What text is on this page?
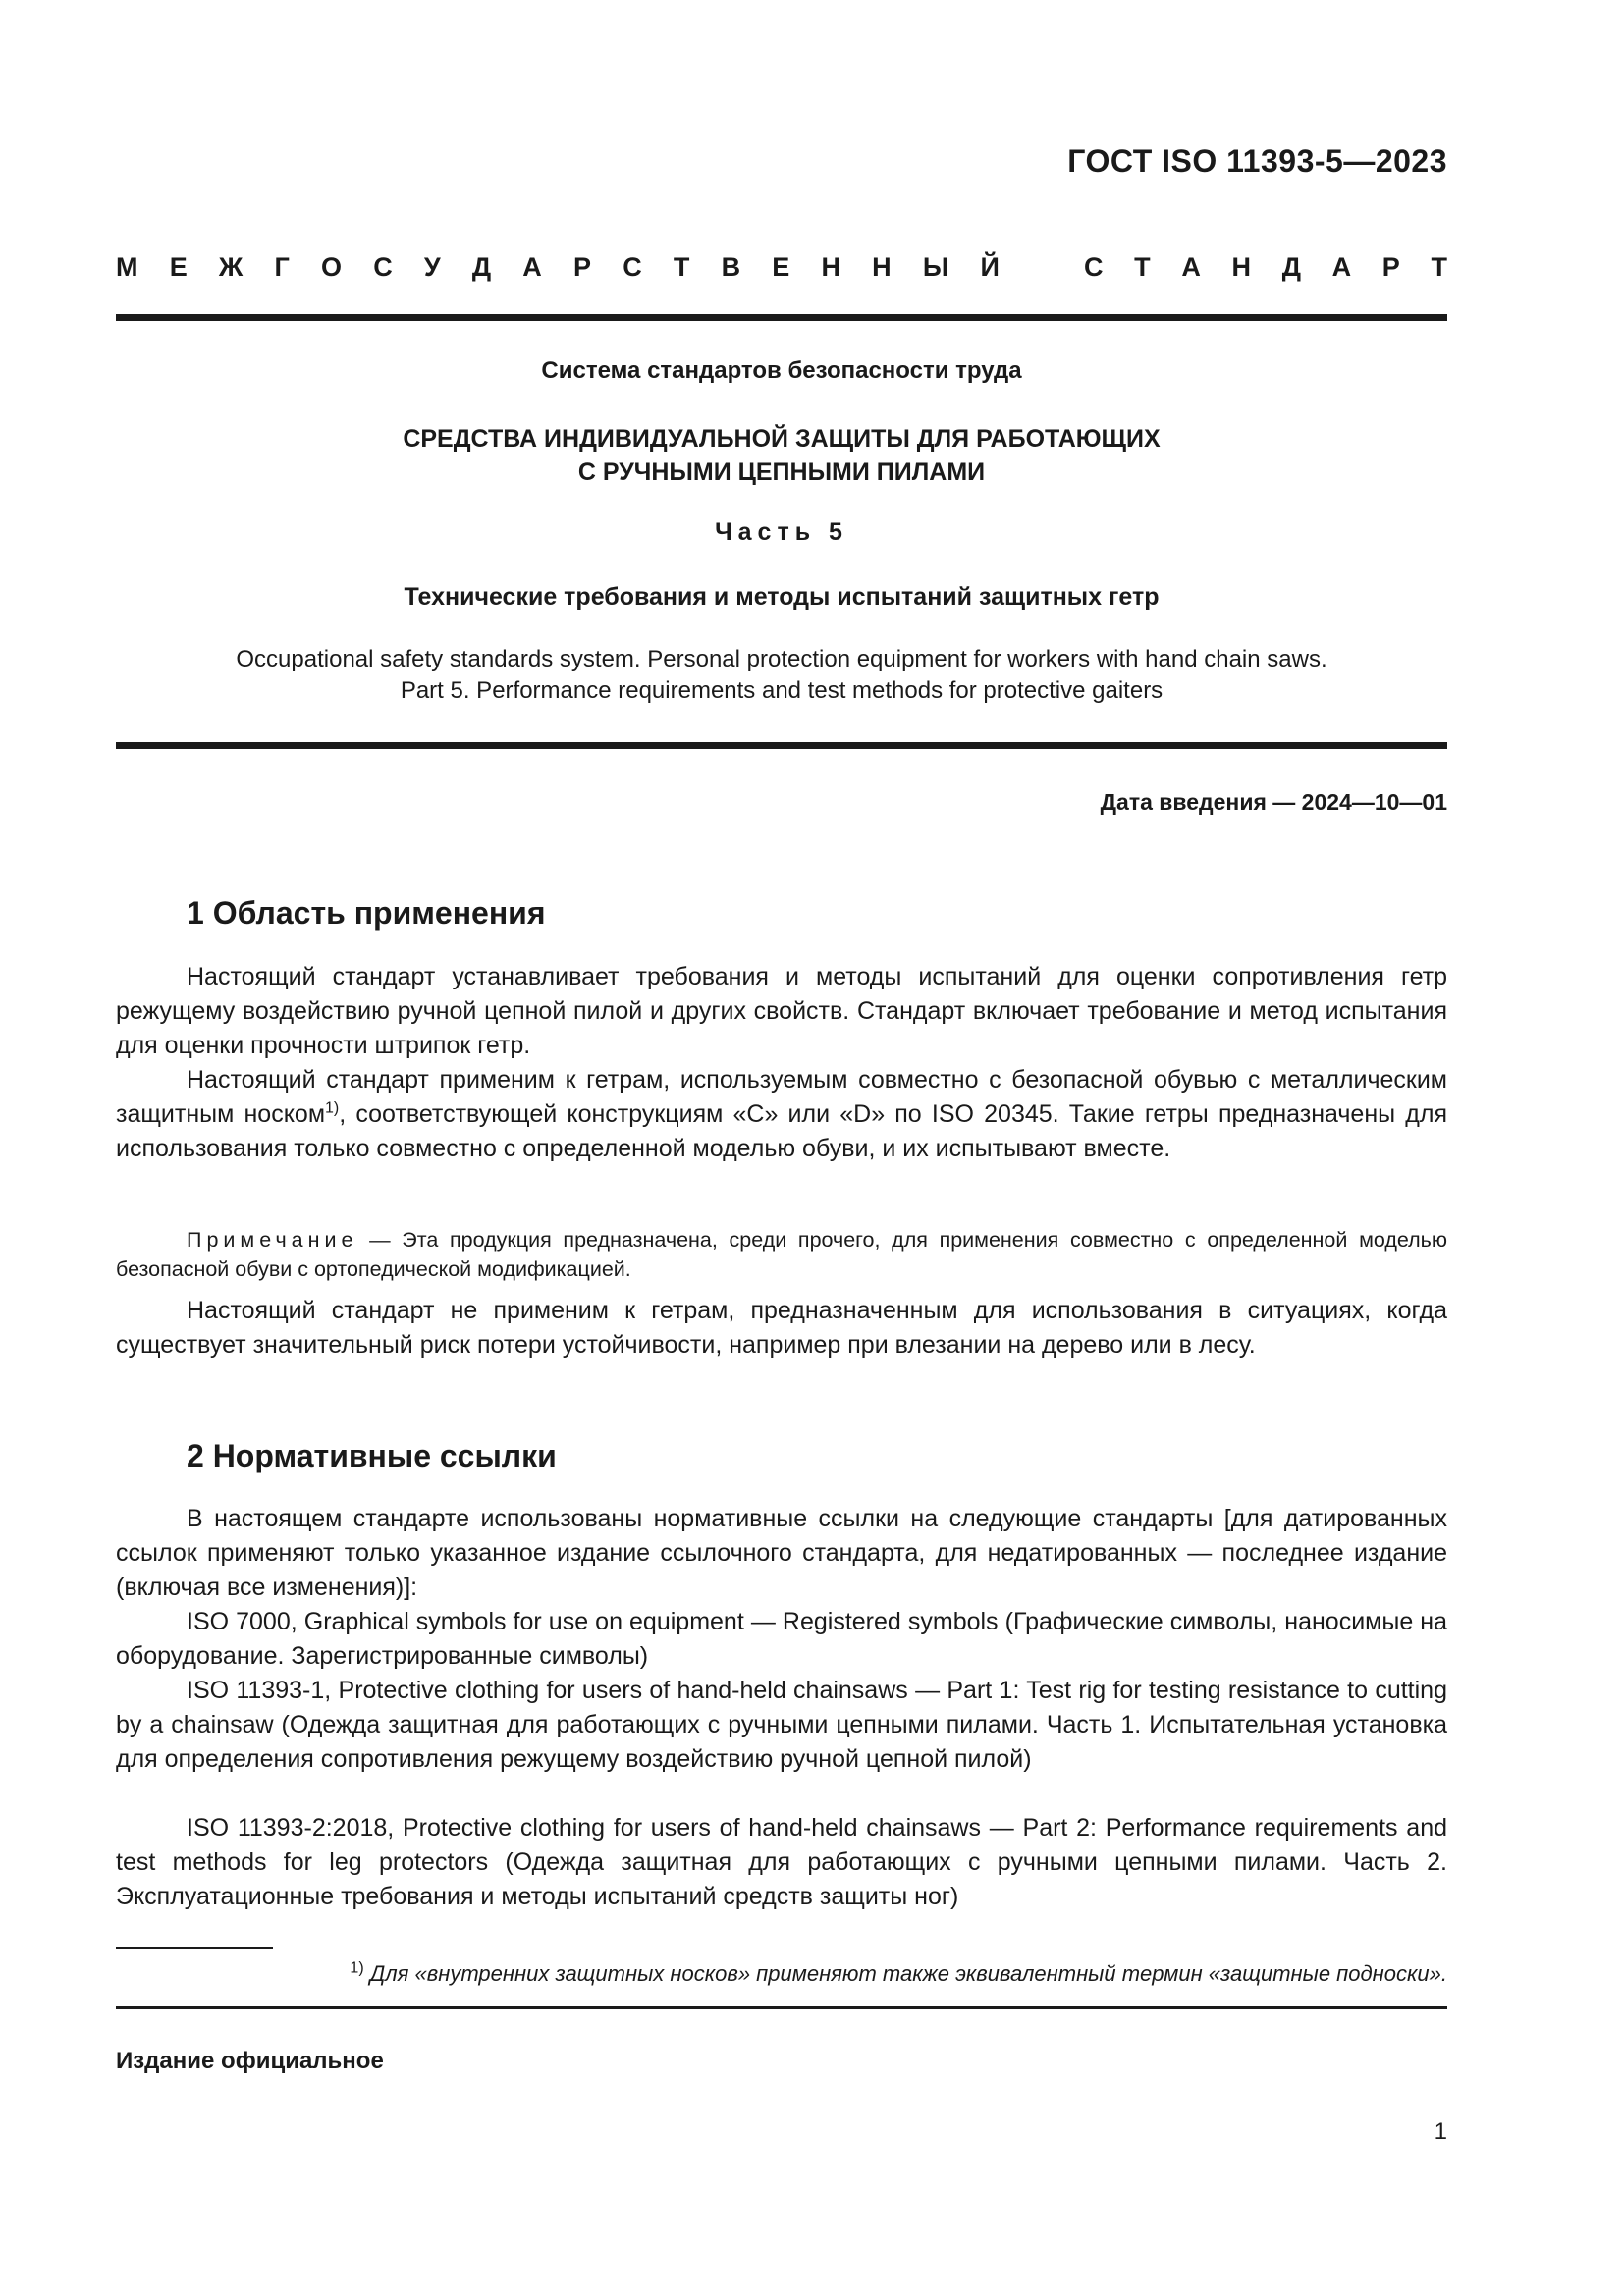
ГОСТ ISO 11393-5—2023
М Е Ж Г О С У Д А Р С Т В Е Н Н Ы Й	С Т А Н Д А Р Т
Система стандартов безопасности труда
СРЕДСТВА ИНДИВИДУАЛЬНОЙ ЗАЩИТЫ ДЛЯ РАБОТАЮЩИХ
С РУЧНЫМИ ЦЕПНЫМИ ПИЛАМИ
Часть 5
Технические требования и методы испытаний защитных гетр
Occupational safety standards system. Personal protection equipment for workers with hand chain saws.
Part 5. Performance requirements and test methods for protective gaiters
Дата введения — 2024—10—01
1 Область применения

Настоящий стандарт устанавливает требования и методы испытаний для оценки сопротивления гетр режущему воздействию ручной цепной пилой и других свойств. Стандарт включает требование и метод испытания для оценки прочности штрипок гетр.

Настоящий стандарт применим к гетрам, используемым совместно с безопасной обувью с металлическим защитным носком$^{1)}$, соответствующей конструкциям «С» или «D» по ISO 20345. Такие гетры предназначены для использования только совместно с определенной моделью обуви, и их испытывают вместе.

Примечание — Эта продукция предназначена, среди прочего, для применения совместно с определенной моделью безопасной обуви с ортопедической модификацией.

Настоящий стандарт не применим к гетрам, предназначенным для использования в ситуациях, когда существует значительный риск потери устойчивости, например при влезании на дерево или в лесу.

2 Нормативные ссылки

В настоящем стандарте использованы нормативные ссылки на следующие стандарты [для датированных ссылок применяют только указанное издание ссылочного стандарта, для недатированных — последнее издание (включая все изменения)]:

ISO 7000, Graphical symbols for use on equipment — Registered symbols (Графические символы, наносимые на оборудование. Зарегистрированные символы)

ISO 11393-1, Protective clothing for users of hand-held chainsaws — Part 1: Test rig for testing resistance to cutting by a chainsaw (Одежда защитная для работающих с ручными цепными пилами. Часть 1. Испытательная установка для определения сопротивления режущему воздействию ручной цепной пилой)

ISO 11393-2:2018, Protective clothing for users of hand-held chainsaws — Part 2: Performance requirements and test methods for leg protectors (Одежда защитная для работающих с ручными цепными пилами. Часть 2. Эксплуатационные требования и методы испытаний средств защиты ног)

$^{1)}$ Для «внутренних защитных носков» применяют также эквивалентный термин «защитные подноски».
Издание официальное
1
